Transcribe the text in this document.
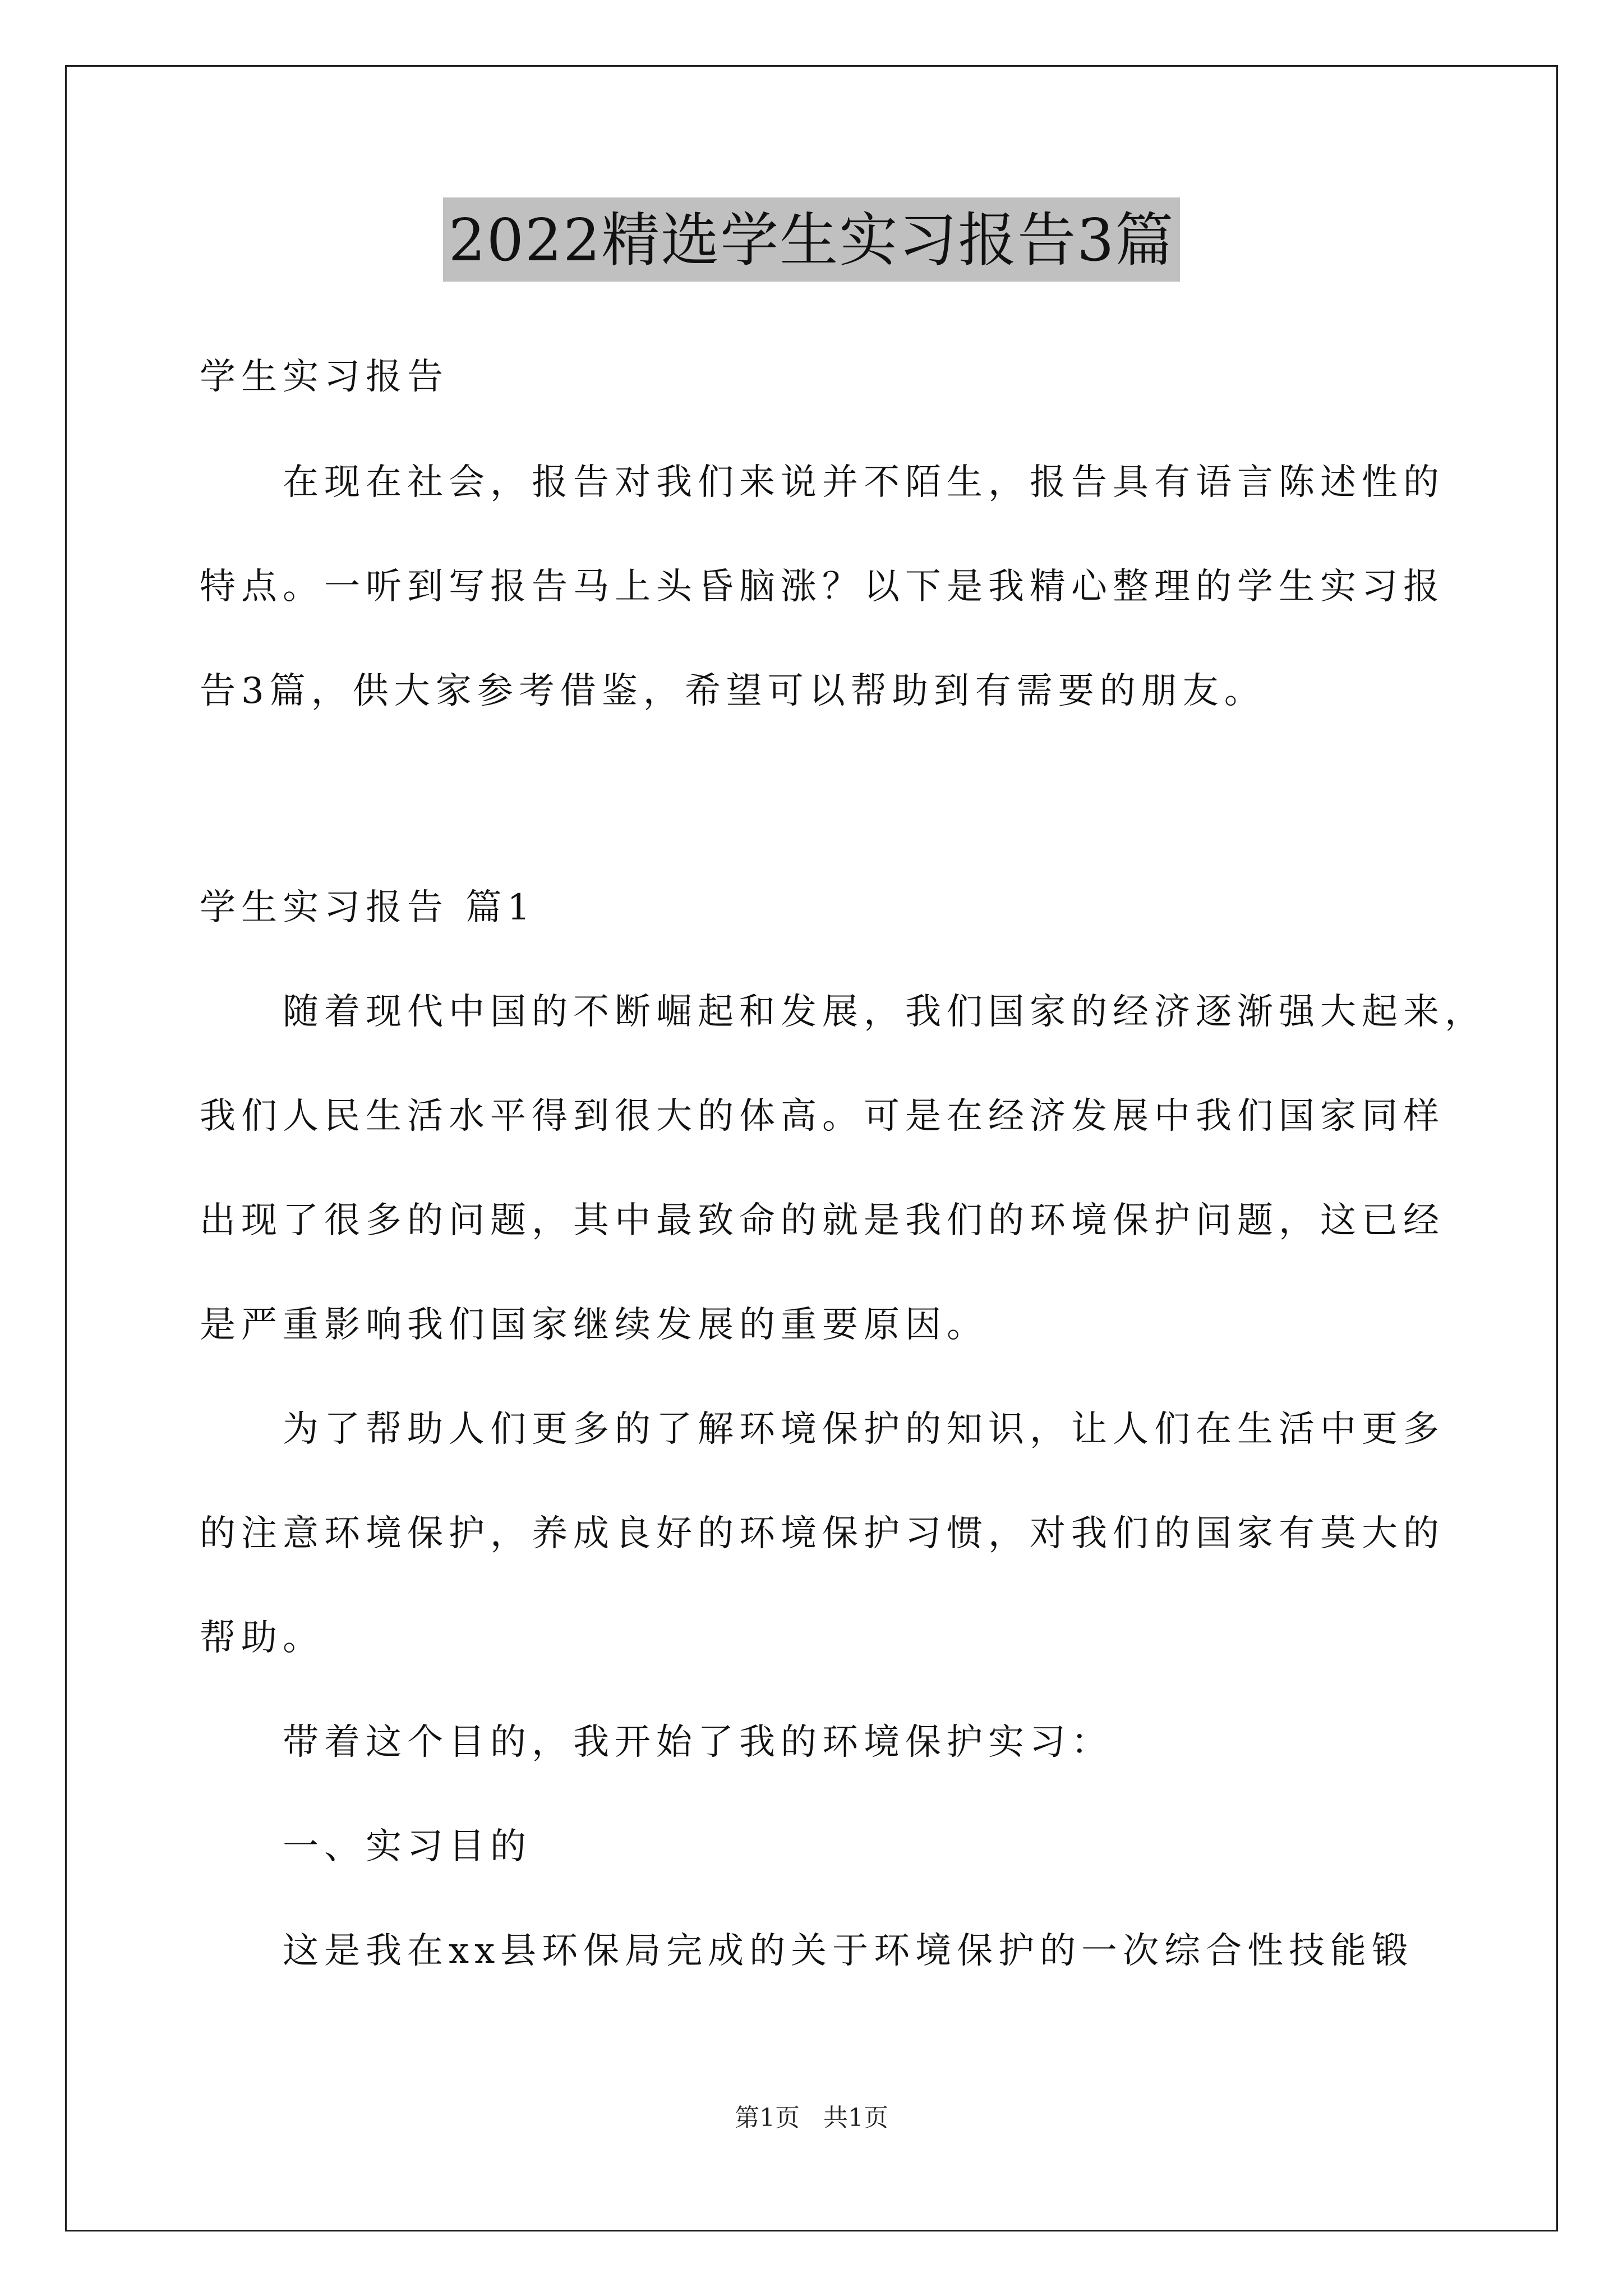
2022精选学生实习报告3篇
学生实习报告
在现在社会，报告对我们来说并不陌生，报告具有语言陈述性的
特点。一听到写报告马上头昏脑涨？以下是我精心整理的学生实习报
告3篇，供大家参考借鉴，希望可以帮助到有需要的朋友。
学生实习报告 篇1
随着现代中国的不断崛起和发展，我们国家的经济逐渐强大起来，
我们人民生活水平得到很大的体高。可是在经济发展中我们国家同样
出现了很多的问题，其中最致命的就是我们的环境保护问题，这已经
是严重影响我们国家继续发展的重要原因。
为了帮助人们更多的了解环境保护的知识，让人们在生活中更多
的注意环境保护，养成良好的环境保护习惯，对我们的国家有莫大的
帮助。
带着这个目的，我开始了我的环境保护实习：
一、实习目的
这是我在xx县环保局完成的关于环境保护的一次综合性技能锻
第1页 共1页
